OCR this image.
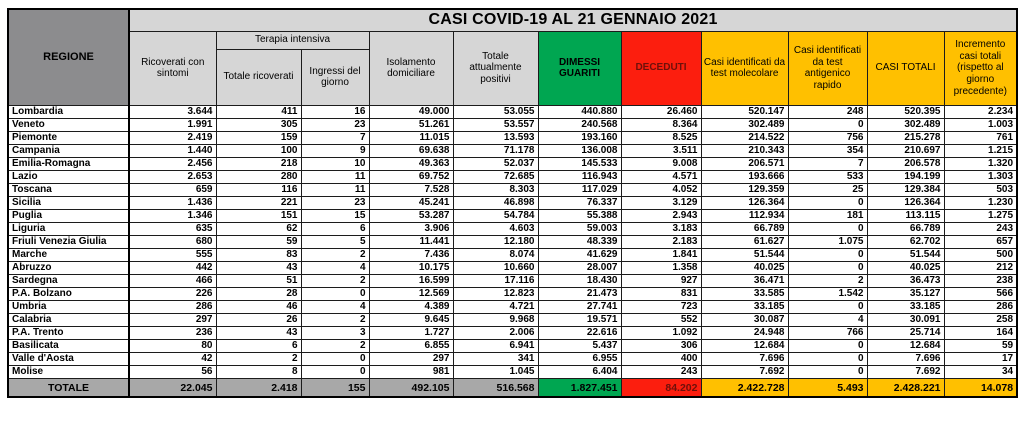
REGIONE	CASI COVID-19 AL 21 GENNAIO 2021										
	Ricoverati con sintomi	Terapia intensiva		Isolamento domiciliare	Totale attualmente positivi	DIMESSI GUARITI	DECEDUTI	Casi identificati da test molecolare	Casi identificati da test antigenico rapido	CASI TOTALI	Incremento casi totali (rispetto al giorno precedente)
		Totale ricoverati	Ingressi del giorno								
Lombardia	3.644	411	16	49.000	53.055	440.880	26.460	520.147	248	520.395	2.234
Veneto	1.991	305	23	51.261	53.557	240.568	8.364	302.489	0	302.489	1.003
Piemonte	2.419	159	7	11.015	13.593	193.160	8.525	214.522	756	215.278	761
Campania	1.440	100	9	69.638	71.178	136.008	3.511	210.343	354	210.697	1.215
Emilia-Romagna	2.456	218	10	49.363	52.037	145.533	9.008	206.571	7	206.578	1.320
Lazio	2.653	280	11	69.752	72.685	116.943	4.571	193.666	533	194.199	1.303
Toscana	659	116	11	7.528	8.303	117.029	4.052	129.359	25	129.384	503
Sicilia	1.436	221	23	45.241	46.898	76.337	3.129	126.364	0	126.364	1.230
Puglia	1.346	151	15	53.287	54.784	55.388	2.943	112.934	181	113.115	1.275
Liguria	635	62	6	3.906	4.603	59.003	3.183	66.789	0	66.789	243
Friuli Venezia Giulia	680	59	5	11.441	12.180	48.339	2.183	61.627	1.075	62.702	657
Marche	555	83	2	7.436	8.074	41.629	1.841	51.544	0	51.544	500
Abruzzo	442	43	4	10.175	10.660	28.007	1.358	40.025	0	40.025	212
Sardegna	466	51	2	16.599	17.116	18.430	927	36.471	2	36.473	238
P.A. Bolzano	226	28	0	12.569	12.823	21.473	831	33.585	1.542	35.127	566
Umbria	286	46	4	4.389	4.721	27.741	723	33.185	0	33.185	286
Calabria	297	26	2	9.645	9.968	19.571	552	30.087	4	30.091	258
P.A. Trento	236	43	3	1.727	2.006	22.616	1.092	24.948	766	25.714	164
Basilicata	80	6	2	6.855	6.941	5.437	306	12.684	0	12.684	59
Valle d'Aosta	42	2	0	297	341	6.955	400	7.696	0	7.696	17
Molise	56	8	0	981	1.045	6.404	243	7.692	0	7.692	34
TOTALE	22.045	2.418	155	492.105	516.568	1.827.451	84.202	2.422.728	5.493	2.428.221	14.078
